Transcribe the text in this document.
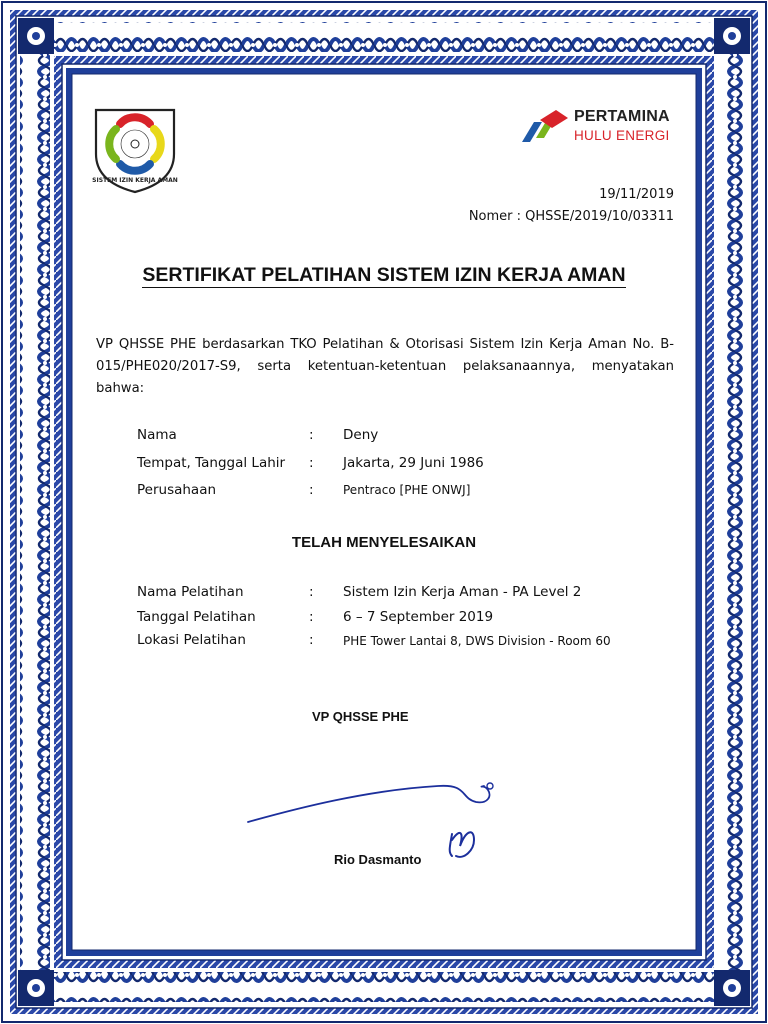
SISTEM IZIN KERJA AMAN
PERTAMINA
HULU ENERGI
19/11/2019
Nomer : QHSSE/2019/10/03311
SERTIFIKAT PELATIHAN SISTEM IZIN KERJA AMAN
VP QHSSE PHE berdasarkan TKO Pelatihan & Otorisasi Sistem Izin Kerja Aman No. B-015/PHE020/2017-S9, serta ketentuan-ketentuan pelaksanaannya, menyatakan bahwa:
Nama	: Deny
Tempat, Tanggal Lahir : Jakarta, 29 Juni 1986
Perusahaan	: Pentraco [PHE ONWJ]
TELAH MENYELESAIKAN
Nama Pelatihan	: Sistem Izin Kerja Aman - PA Level 2
Tanggal Pelatihan	: 6 – 7 September 2019
Lokasi Pelatihan	: PHE Tower Lantai 8, DWS Division - Room 60
VP QHSSE PHE
Rio Dasmanto
